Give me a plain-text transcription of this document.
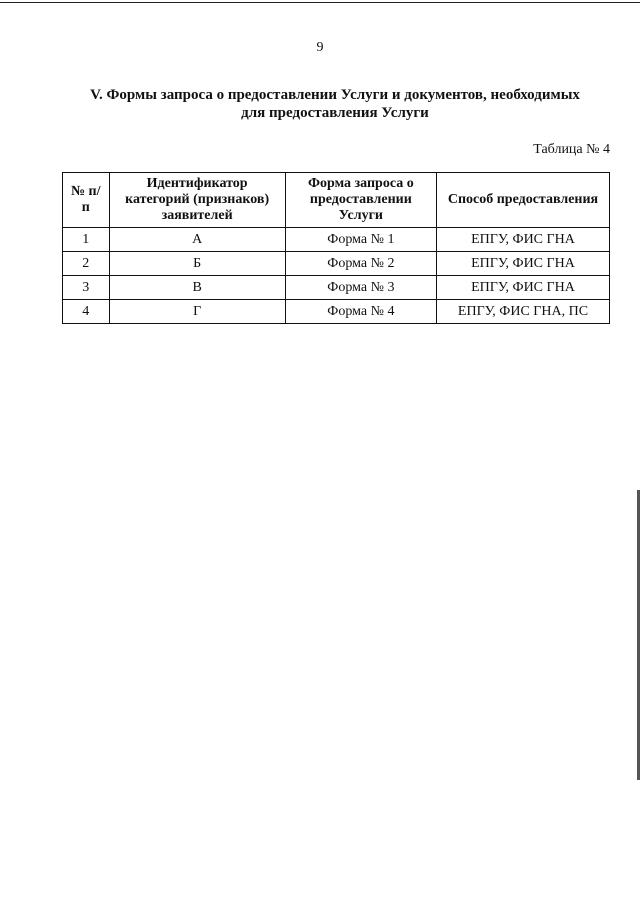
9
V. Формы запроса о предоставлении Услуги и документов, необходимых
для предоставления Услуги
Таблица № 4
№ п/п	Идентификатор категорий (признаков) заявителей	Форма запроса о предоставлении Услуги	Способ предоставления
1	А	Форма № 1	ЕПГУ, ФИС ГНА
2	Б	Форма № 2	ЕПГУ, ФИС ГНА
3	В	Форма № 3	ЕПГУ, ФИС ГНА
4	Г	Форма № 4	ЕПГУ, ФИС ГНА, ПС
